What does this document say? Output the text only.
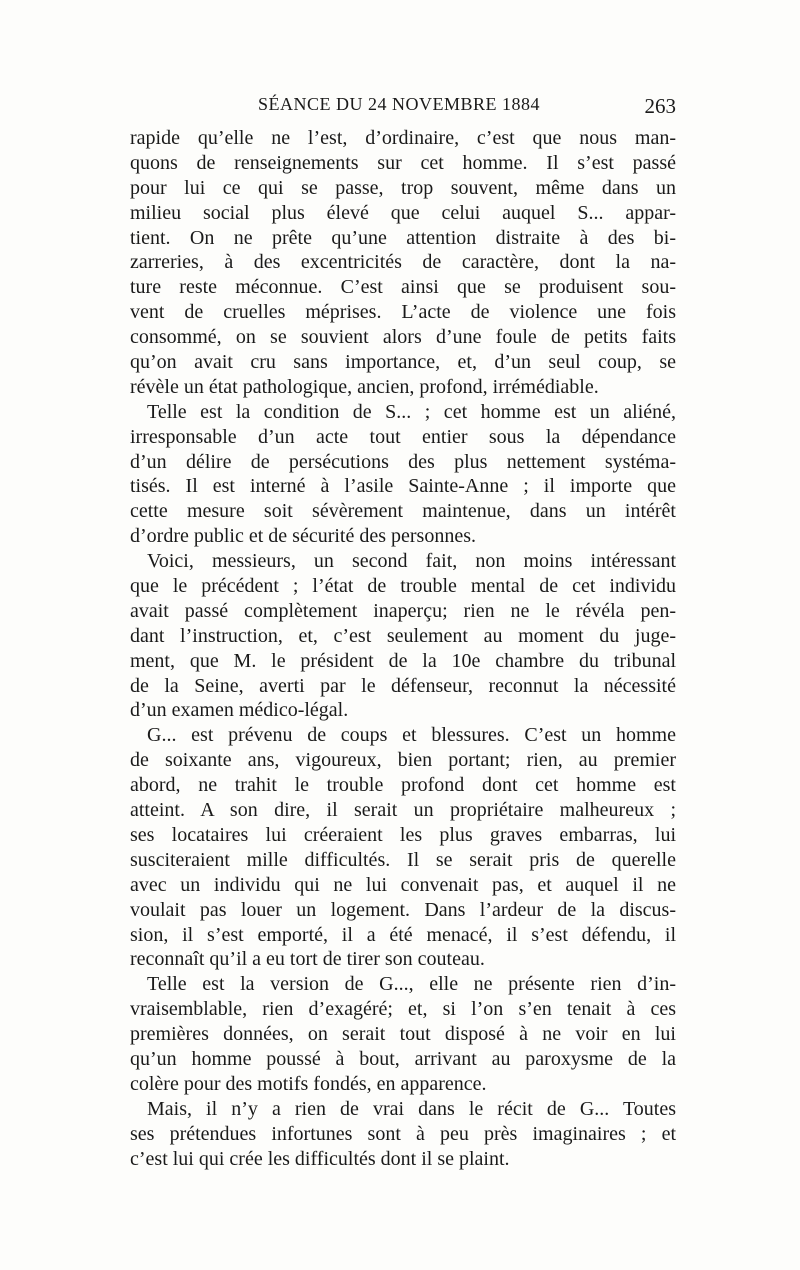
SÉANCE DU 24 NOVEMBRE 1884	263
rapide qu’elle ne l’est, d’ordinaire, c’est que nous man-
quons de renseignements sur cet homme. Il s’est passé
pour lui ce qui se passe, trop souvent, même dans un
milieu social plus élevé que celui auquel S... appar-
tient. On ne prête qu’une attention distraite à des bi-
zarreries, à des excentricités de caractère, dont la na-
ture reste méconnue. C’est ainsi que se produisent sou-
vent de cruelles méprises. L’acte de violence une fois
consommé, on se souvient alors d’une foule de petits faits
qu’on avait cru sans importance, et, d’un seul coup, se
révèle un état pathologique, ancien, profond, irrémédiable.
Telle est la condition de S... ; cet homme est un aliéné,
irresponsable d’un acte tout entier sous la dépendance
d’un délire de persécutions des plus nettement systéma-
tisés. Il est interné à l’asile Sainte-Anne ; il importe que
cette mesure soit sévèrement maintenue, dans un intérêt
d’ordre public et de sécurité des personnes.
Voici, messieurs, un second fait, non moins intéressant
que le précédent ; l’état de trouble mental de cet individu
avait passé complètement inaperçu; rien ne le révéla pen-
dant l’instruction, et, c’est seulement au moment du juge-
ment, que M. le président de la 10e chambre du tribunal
de la Seine, averti par le défenseur, reconnut la nécessité
d’un examen médico-légal.
G... est prévenu de coups et blessures. C’est un homme
de soixante ans, vigoureux, bien portant; rien, au premier
abord, ne trahit le trouble profond dont cet homme est
atteint. A son dire, il serait un propriétaire malheureux ;
ses locataires lui créeraient les plus graves embarras, lui
susciteraient mille difficultés. Il se serait pris de querelle
avec un individu qui ne lui convenait pas, et auquel il ne
voulait pas louer un logement. Dans l’ardeur de la discus-
sion, il s’est emporté, il a été menacé, il s’est défendu, il
reconnaît qu’il a eu tort de tirer son couteau.
Telle est la version de G..., elle ne présente rien d’in-
vraisemblable, rien d’exagéré; et, si l’on s’en tenait à ces
premières données, on serait tout disposé à ne voir en lui
qu’un homme poussé à bout, arrivant au paroxysme de la
colère pour des motifs fondés, en apparence.
Mais, il n’y a rien de vrai dans le récit de G... Toutes
ses prétendues infortunes sont à peu près imaginaires ; et
c’est lui qui crée les difficultés dont il se plaint.
